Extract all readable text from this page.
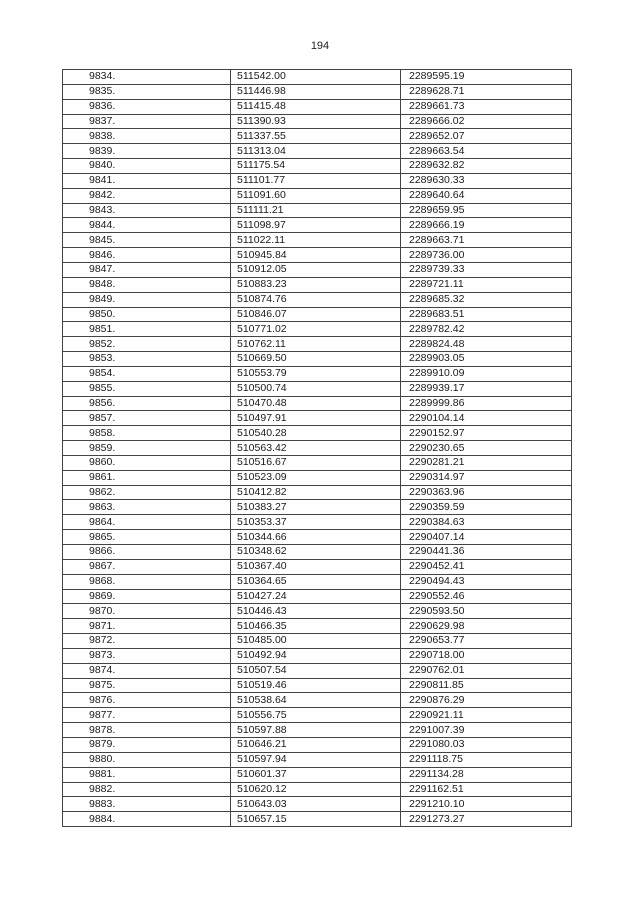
194
9834.	511542.00	2289595.19
9835.	511446.98	2289628.71
9836.	511415.48	2289661.73
9837.	511390.93	2289666.02
9838.	511337.55	2289652.07
9839.	511313.04	2289663.54
9840.	511175.54	2289632.82
9841.	511101.77	2289630.33
9842.	511091.60	2289640.64
9843.	511111.21	2289659.95
9844.	511098.97	2289666.19
9845.	511022.11	2289663.71
9846.	510945.84	2289736.00
9847.	510912.05	2289739.33
9848.	510883.23	2289721.11
9849.	510874.76	2289685.32
9850.	510846.07	2289683.51
9851.	510771.02	2289782.42
9852.	510762.11	2289824.48
9853.	510669.50	2289903.05
9854.	510553.79	2289910.09
9855.	510500.74	2289939.17
9856.	510470.48	2289999.86
9857.	510497.91	2290104.14
9858.	510540.28	2290152.97
9859.	510563.42	2290230.65
9860.	510516.67	2290281.21
9861.	510523.09	2290314.97
9862.	510412.82	2290363.96
9863.	510383.27	2290359.59
9864.	510353.37	2290384.63
9865.	510344.66	2290407.14
9866.	510348.62	2290441.36
9867.	510367.40	2290452.41
9868.	510364.65	2290494.43
9869.	510427.24	2290552.46
9870.	510446.43	2290593.50
9871.	510466.35	2290629.98
9872.	510485.00	2290653.77
9873.	510492.94	2290718.00
9874.	510507.54	2290762.01
9875.	510519.46	2290811.85
9876.	510538.64	2290876.29
9877.	510556.75	2290921.11
9878.	510597.88	2291007.39
9879.	510646.21	2291080.03
9880.	510597.94	2291118.75
9881.	510601.37	2291134.28
9882.	510620.12	2291162.51
9883.	510643.03	2291210.10
9884.	510657.15	2291273.27
